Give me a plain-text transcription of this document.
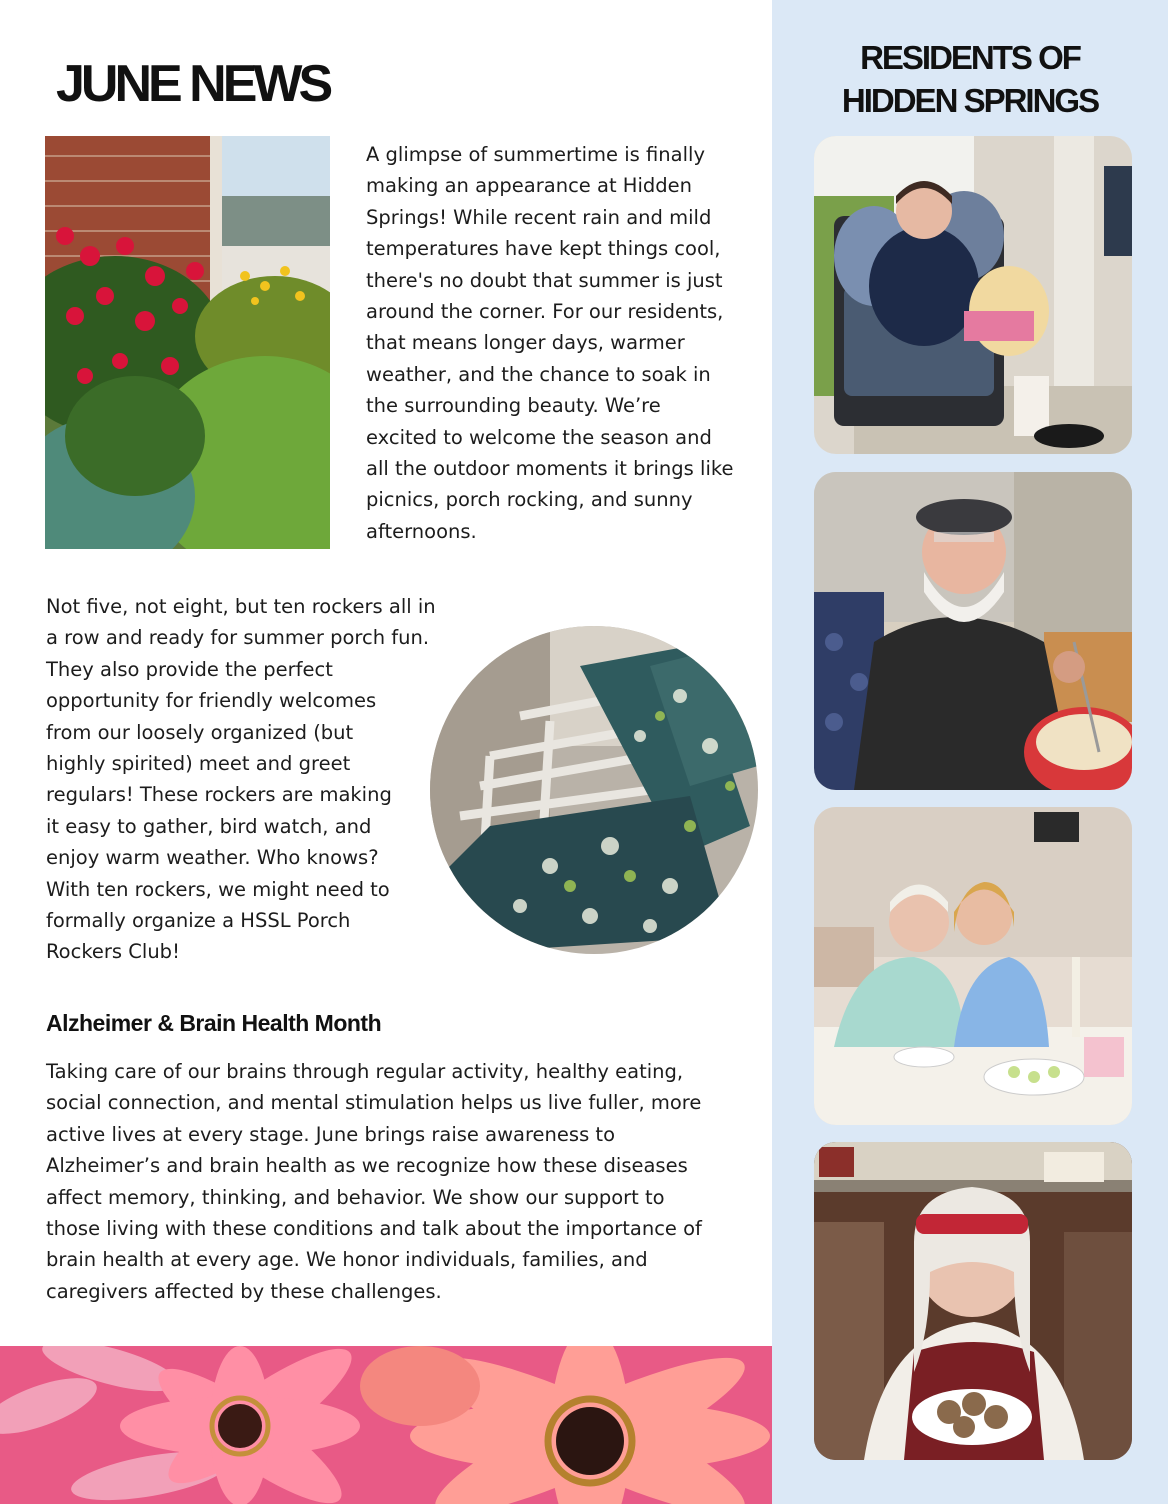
JUNE NEWS
A glimpse of summertime is finally
making an appearance at Hidden
Springs! While recent rain and mild
temperatures have kept things cool,
there's no doubt that summer is just
around the corner. For our residents,
that means longer days, warmer
weather, and the chance to soak in
the surrounding beauty. We’re
excited to welcome the season and
all the outdoor moments it brings like
picnics, porch rocking, and sunny
afternoons.
Not five, not eight, but ten rockers all in
a row and ready for summer porch fun.
They also provide the perfect
opportunity for friendly welcomes
from our loosely organized (but
highly spirited) meet and greet
regulars! These rockers are making
it easy to gather, bird watch, and
enjoy warm weather. Who knows?
With ten rockers, we might need to
formally organize a HSSL Porch
Rockers Club!
Alzheimer & Brain Health Month
Taking care of our brains through regular activity, healthy eating,
social connection, and mental stimulation helps us live fuller, more
active lives at every stage. June brings raise awareness to
Alzheimer’s and brain health as we recognize how these diseases
affect memory, thinking, and behavior. We show our support to
those living with these conditions and talk about the importance of
brain health at every age. We honor individuals, families, and
caregivers affected by these challenges.
RESIDENTS OF
HIDDEN SPRINGS
